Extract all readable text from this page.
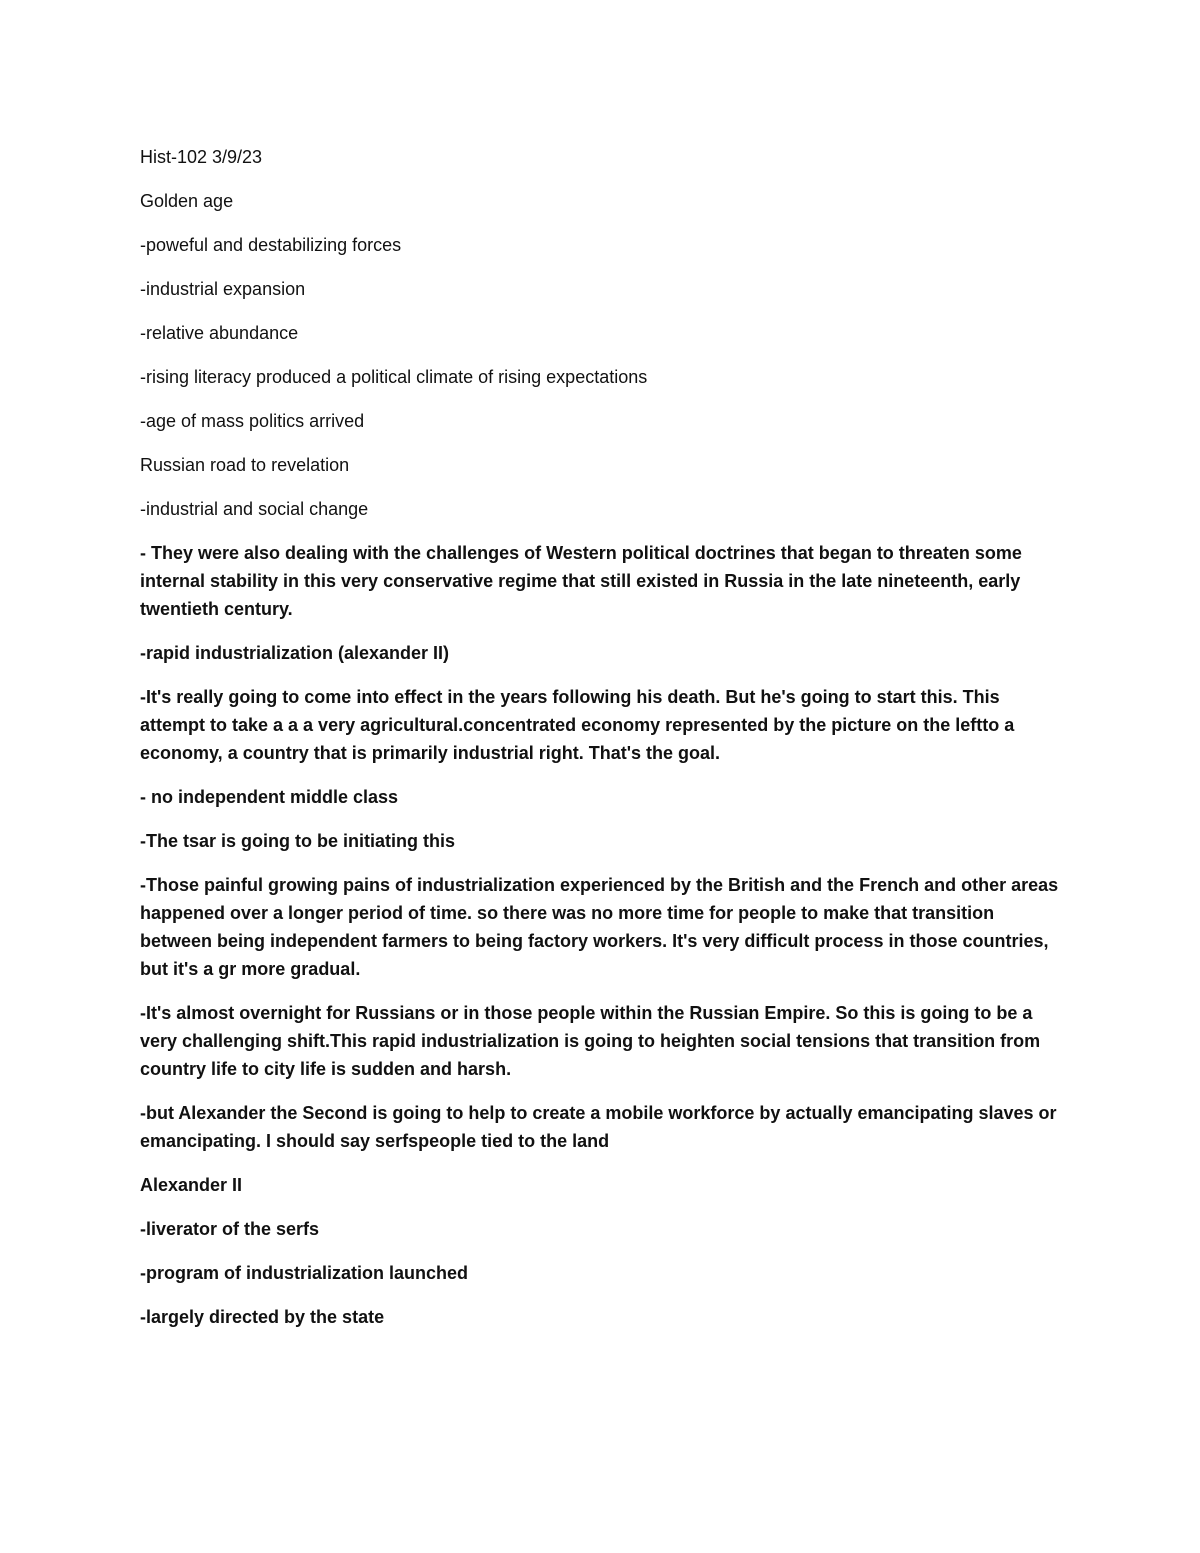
Hist-102 3/9/23

Golden age

-poweful and destabilizing forces

-industrial expansion

-relative abundance

-rising literacy produced a political climate of rising expectations

-age of mass politics arrived

Russian road to revelation

-industrial and social change

- They were also dealing with the challenges of Western political doctrines that began to threaten some internal stability in this very conservative regime that still existed in Russia in the late nineteenth, early twentieth century.

-rapid industrialization (alexander II)

-It's really going to come into effect in the years following his death. But he's going to start this. This attempt to take a a a very agricultural.concentrated economy represented by the picture on the leftto a economy, a country that is primarily industrial right. That's the goal.

- no independent middle class

-The tsar is going to be initiating this

-Those painful growing pains of industrialization experienced by the British and the French and other areas happened over a longer period of time. so there was no more time for people to make that transition between being independent farmers to being factory workers. It's very difficult process in those countries, but it's a gr more gradual.

-It's almost overnight for Russians or in those people within the Russian Empire. So this is going to be a very challenging shift.This rapid industrialization is going to heighten social tensions that transition from country life to city life is sudden and harsh.

-but Alexander the Second is going to help to create a mobile workforce by actually emancipating slaves or emancipating. I should say serfspeople tied to the land

Alexander II

-liverator of the serfs

-program of industrialization launched

-largely directed by the state
